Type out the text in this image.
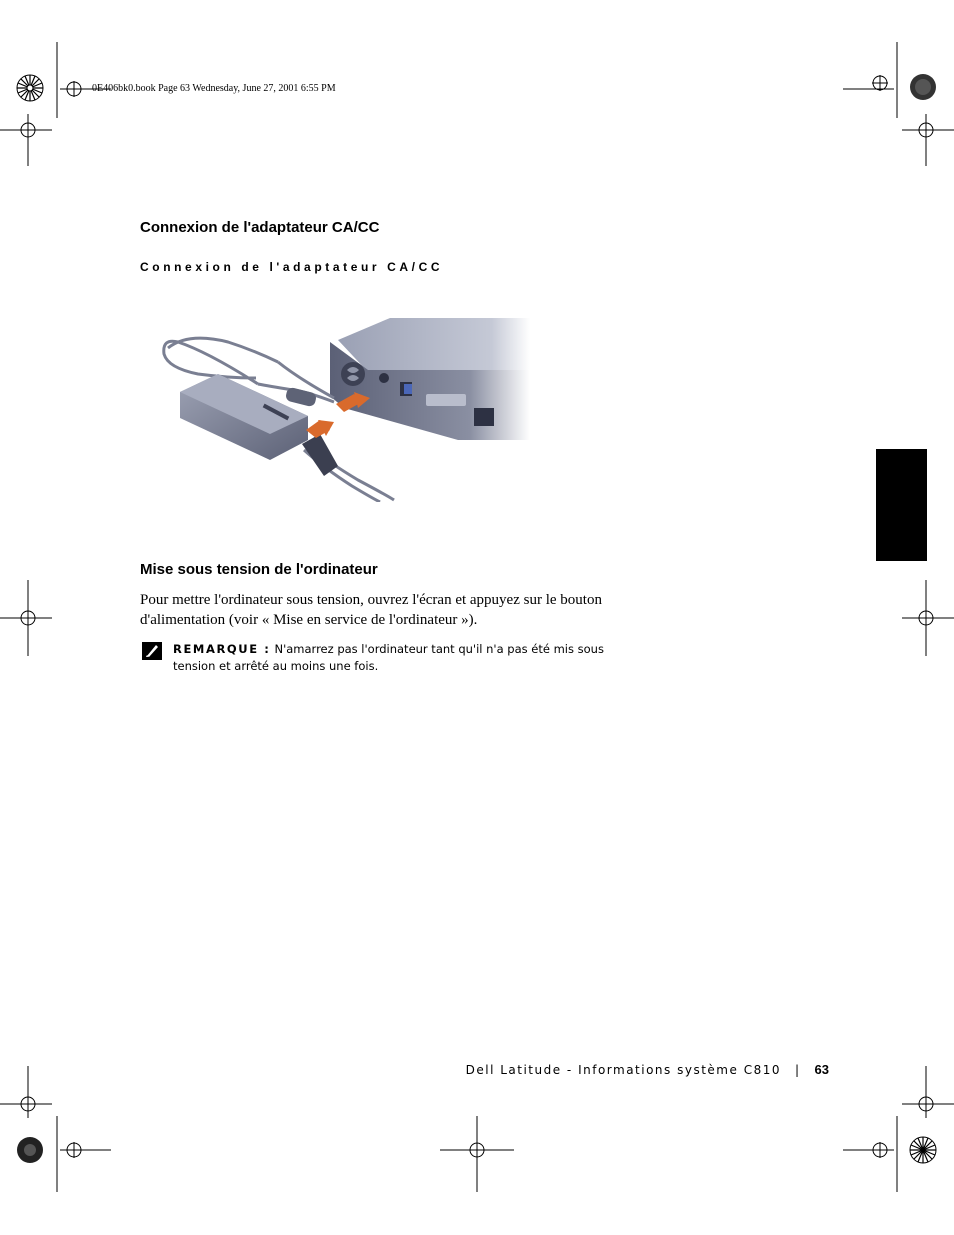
0E406bk0.book Page 63 Wednesday, June 27, 2001 6:55 PM
Connexion de l'adaptateur CA/CC
Connexion de l'adaptateur CA/CC
Mise sous tension de l'ordinateur
Pour mettre l'ordinateur sous tension, ouvrez l'écran et appuyez sur le bouton d'alimentation (voir « Mise en service de l'ordinateur »).
REMARQUE : N'amarrez pas l'ordinateur tant qu'il n'a pas été mis sous tension et arrêté au moins une fois.
Dell Latitude - Informations système C810 | 63
